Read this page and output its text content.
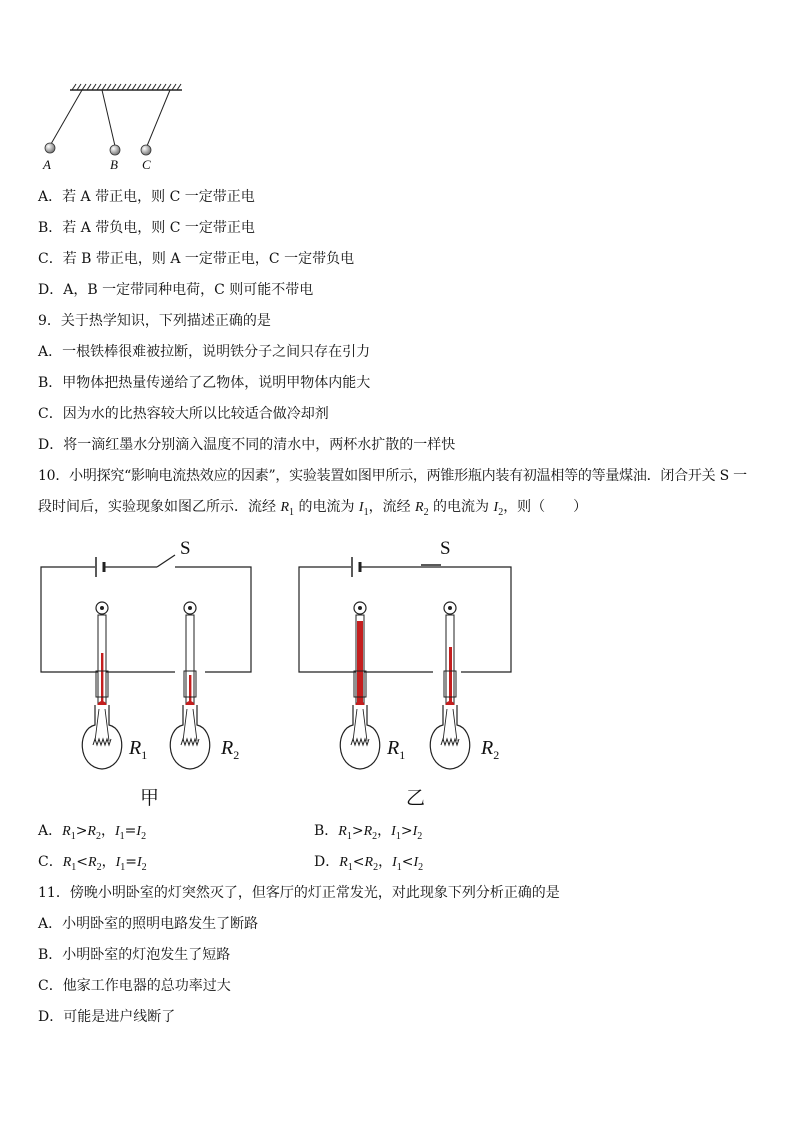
A	B C
A．若 A 带正电，则 C 一定带正电
B．若 A 带负电，则 C 一定带正电
C．若 B 带正电，则 A 一定带正电，C 一定带负电
D．A，B 一定带同种电荷，C 则可能不带电
9．关于热学知识，下列描述正确的是
A．一根铁棒很难被拉断，说明铁分子之间只存在引力
B．甲物体把热量传递给了乙物体，说明甲物体内能大
C．因为水的比热容较大所以比较适合做冷却剂
D．将一滴红墨水分别滴入温度不同的清水中，两杯水扩散的一样快
10．小明探究“影响电流热效应的因素”，实验装置如图甲所示，两锥形瓶内装有初温相等的等量煤油．闭合开关 S 一
段时间后，实验现象如图乙所示．流经 $R_1$ 的电流为 $I_1$，流经 $R_2$ 的电流为 $I_2$，则（　　）
S
$R_1$	$R_2$
甲
S
$R_1$	$R_2$
乙
A．$R_1>R_2$，$I_1=I_2$	B．$R_1>R_2$，$I_1>I_2$
C．$R_1<R_2$，$I_1=I_2$	D．$R_1<R_2$，$I_1<I_2$
11．傍晚小明卧室的灯突然灭了，但客厅的灯正常发光，对此现象下列分析正确的是
A．小明卧室的照明电路发生了断路
B．小明卧室的灯泡发生了短路
C．他家工作电器的总功率过大
D．可能是进户线断了
